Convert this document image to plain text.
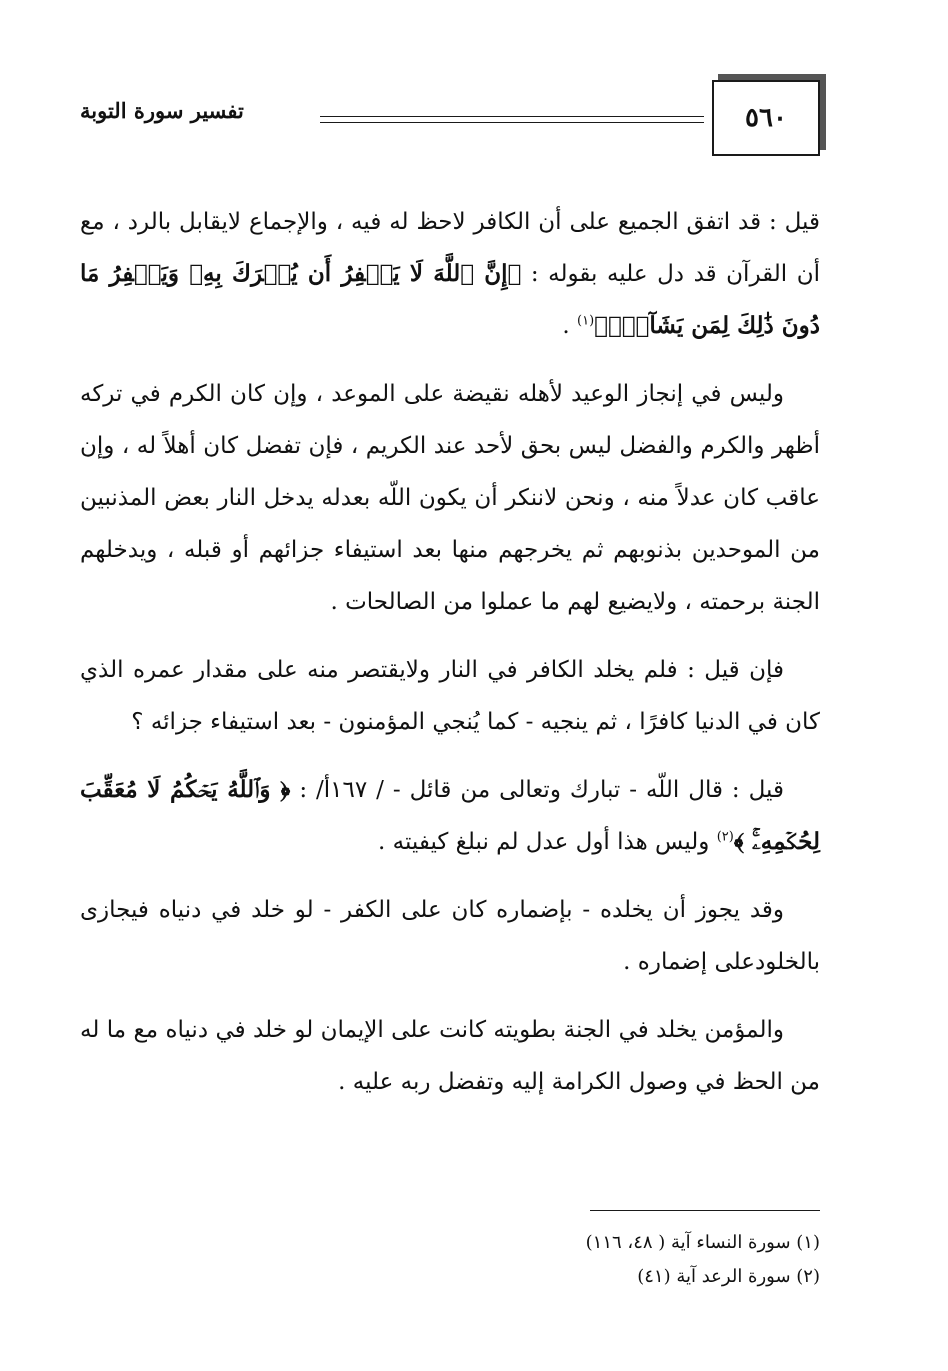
٥٦٠
تفسير سورة التوبة

قيل : قد اتفق الجميع على أن الكافر لاحظ له فيه ، والإجماع لايقابل بالرد ، مع أن القرآن قد دل عليه بقوله : ﴿إِنَّ ٱللَّهَ لَا يَغۡفِرُ أَن يُشۡرَكَ بِهِۦ وَيَغۡفِرُ مَا دُونَ ذَٰلِكَ لِمَن يَشَآءُۚ﴾$^{(١)}$ .

وليس في إنجاز الوعيد لأهله نقيضة على الموعد ، وإن كان الكرم في تركه أظهر والكرم والفضل ليس بحق لأحد عند الكريم ، فإن تفضل كان أهلاً له ، وإن عاقب كان عدلاً منه ، ونحن لاننكر أن يكون اللّه بعدله يدخل النار بعض المذنبين من الموحدين بذنوبهم ثم يخرجهم منها بعد استيفاء جزائهم أو قبله ، ويدخلهم الجنة برحمته ، ولايضيع لهم ما عملوا من الصالحات .

فإن قيل : فلم يخلد الكافر في النار ولايقتصر منه على مقدار عمره الذي كان في الدنيا كافرًا ، ثم ينجيه - كما يُنجي المؤمنون - بعد استيفاء جزائه ؟

قيل : قال اللّه - تبارك وتعالى من قائل - / ١٦٧أ/ : ﴿ وَٱللَّهُ يَحۡكُمُ لَا مُعَقِّبَ لِحُكۡمِهِۦۚ ﴾$^{(٢)}$ وليس هذا أول عدل لم نبلغ كيفيته .

وقد يجوز أن يخلده - بإضماره كان على الكفر - لو خلد في دنياه فيجازى بالخلودعلى إضماره .

والمؤمن يخلد في الجنة بطويته كانت على الإيمان لو خلد في دنياه مع ما له من الحظ في وصول الكرامة إليه وتفضل ربه عليه .

(١) سورة النساء آية ( ٤٨، ١١٦)

(٢) سورة الرعد آية (٤١)
